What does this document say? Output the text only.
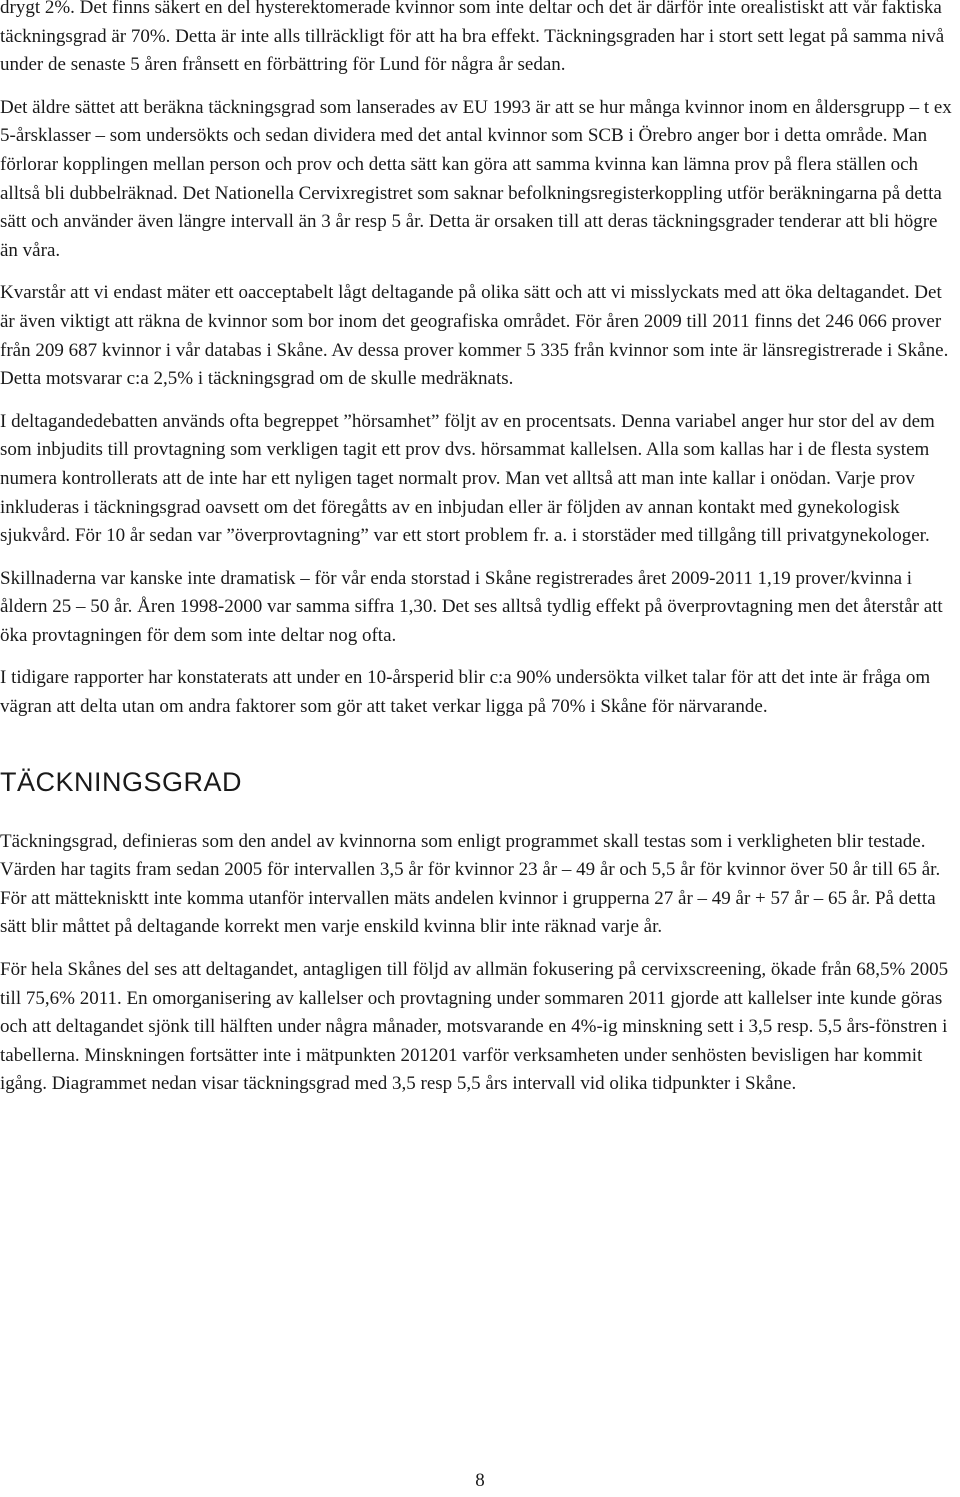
drygt 2%. Det finns säkert en del hysterektomerade kvinnor som inte deltar och det är därför inte orealistiskt att vår faktiska täckningsgrad är 70%. Detta är inte alls tillräckligt för att ha bra effekt. Täckningsgraden har i stort sett legat på samma nivå under de senaste 5 åren frånsett en förbättring för Lund för några år sedan.

Det äldre sättet att beräkna täckningsgrad som lanserades av EU 1993 är att se hur många kvinnor inom en åldersgrupp – t ex 5-årsklasser – som undersökts och sedan dividera med det antal kvinnor som SCB i Örebro anger bor i detta område. Man förlorar kopplingen mellan person och prov och detta sätt kan göra att samma kvinna kan lämna prov på flera ställen och alltså bli dubbelräknad. Det Nationella Cervixregistret som saknar befolkningsregisterkoppling utför beräkningarna på detta sätt och använder även längre intervall än 3 år resp 5 år. Detta är orsaken till att deras täckningsgrader tenderar att bli högre än våra.

Kvarstår att vi endast mäter ett oacceptabelt lågt deltagande på olika sätt och att vi misslyckats med att öka deltagandet. Det är även viktigt att räkna de kvinnor som bor inom det geografiska området. För åren 2009 till 2011 finns det 246 066 prover från 209 687 kvinnor i vår databas i Skåne. Av dessa prover kommer 5 335 från kvinnor som inte är länsregistrerade i Skåne. Detta motsvarar c:a 2,5% i täckningsgrad om de skulle medräknats.

I deltagandedebatten används ofta begreppet ”hörsamhet” följt av en procentsats. Denna variabel anger hur stor del av dem som inbjudits till provtagning som verkligen tagit ett prov dvs. hörsammat kallelsen. Alla som kallas har i de flesta system numera kontrollerats att de inte har ett nyligen taget normalt prov. Man vet alltså att man inte kallar i onödan. Varje prov inkluderas i täckningsgrad oavsett om det föregåtts av en inbjudan eller är följden av annan kontakt med gynekologisk sjukvård. För 10 år sedan var ”överprovtagning” var ett stort problem fr. a. i storstäder med tillgång till privatgynekologer.

Skillnaderna var kanske inte dramatisk – för vår enda storstad i Skåne registrerades året 2009-2011 1,19 prover/kvinna i åldern 25 – 50 år. Åren 1998-2000 var samma siffra 1,30. Det ses alltså tydlig effekt på överprovtagning men det återstår att öka provtagningen för dem som inte deltar nog ofta.

I tidigare rapporter har konstaterats att under en 10-årsperid blir c:a 90% undersökta vilket talar för att det inte är fråga om vägran att delta utan om andra faktorer som gör att taket verkar ligga på 70% i Skåne för närvarande.

TÄCKNINGSGRAD

Täckningsgrad, definieras som den andel av kvinnorna som enligt programmet skall testas som i verkligheten blir testade. Värden har tagits fram sedan 2005 för intervallen 3,5 år för kvinnor 23 år – 49 år och 5,5 år för kvinnor över 50 år till 65 år. För att mätteknisktt inte komma utanför intervallen mäts andelen kvinnor i grupperna 27 år – 49 år + 57 år – 65 år. På detta sätt blir måttet på deltagande korrekt men varje enskild kvinna blir inte räknad varje år.

För hela Skånes del ses att deltagandet, antagligen till följd av allmän fokusering på cervixscreening, ökade från 68,5% 2005 till 75,6% 2011. En omorganisering av kallelser och provtagning under sommaren 2011 gjorde att kallelser inte kunde göras och att deltagandet sjönk till hälften under några månader, motsvarande en 4%-ig minskning sett i 3,5 resp. 5,5 års-fönstren i tabellerna. Minskningen fortsätter inte i mätpunkten 201201 varför verksamheten under senhösten bevisligen har kommit igång. Diagrammet nedan visar täckningsgrad med 3,5 resp 5,5 års intervall vid olika tidpunkter i Skåne.

8
